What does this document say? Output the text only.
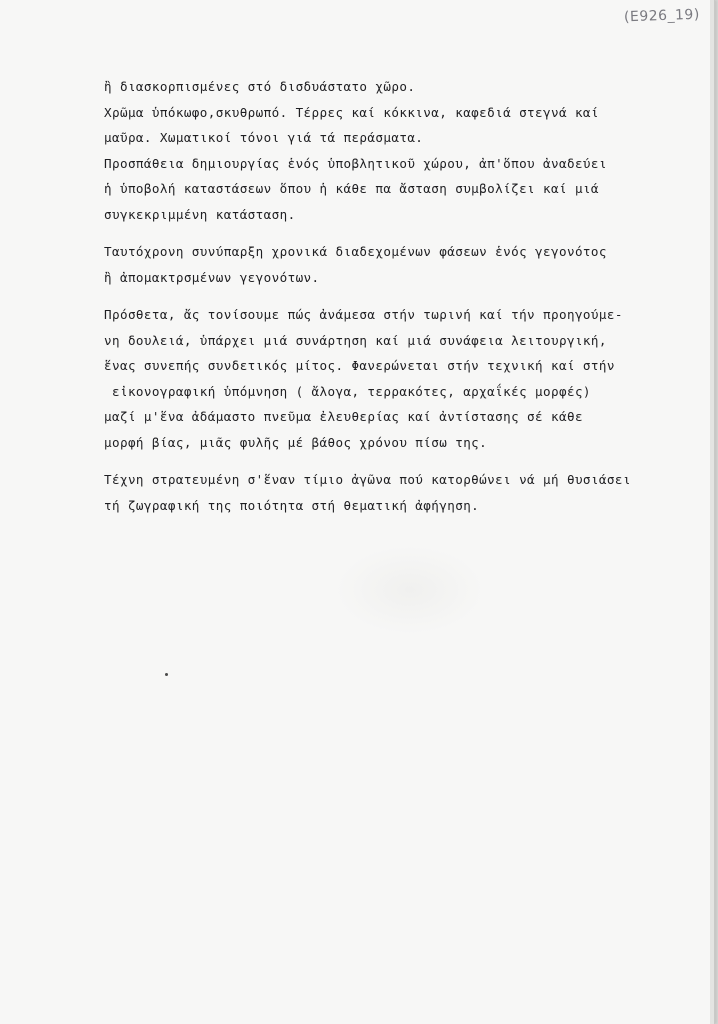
(E926_19)
ἢ διασκορπισμένες στό δισδυάστατο χῶρο.
Χρῶμα ὑπόκωφο,σκυθρωπό. Τέρρες καί κόκκινα, καφεδιά στεγνά καί
μαῦρα. Χωματικοί τόνοι γιά τά περάσματα.
Προσπάθεια δημιουργίας ἑνός ὑποβλητικοῦ χώρου, ἀπ'ὅπου ἀναδεύει
ἡ ὑποβολή καταστάσεων ὅπου ἡ κάθε πα ἄσταση συμβολίζει καί μιά
συγκεκριμμένη κατάσταση.
Ταυτόχρονη συνύπαρξη χρονικά διαδεχομένων φάσεων ἑνός γεγονότος
ἢ ἀπομακτρσμένων γεγονότων.
Πρόσθετα, ἄς τονίσουμε πώς ἀνάμεσα στήν τωρινή καί τήν προηγούμε-
νη δουλειά, ὑπάρχει μιά συνάρτηση καί μιά συνάφεια λειτουργική,
ἕνας συνεπής συνδετικός μίτος. Φανερώνεται στήν τεχνική καί στήν
εἰκονογραφική ὑπόμνηση ( ἄλογα, τερρακότες, αρχαΐκές μορφές)
μαζί μ'ἕνα ἀδάμαστο πνεῦμα ἐλευθερίας καί ἀντίστασης σέ κάθε
μορφή βίας, μιᾶς φυλῆς μέ βάθος χρόνου πίσω της.
Τέχνη στρατευμένη σ'ἕναν τίμιο ἀγῶνα πού κατορθώνει νά μή θυσιάσει
τή ζωγραφική της ποιότητα στή θεματική ἀφήγηση.
